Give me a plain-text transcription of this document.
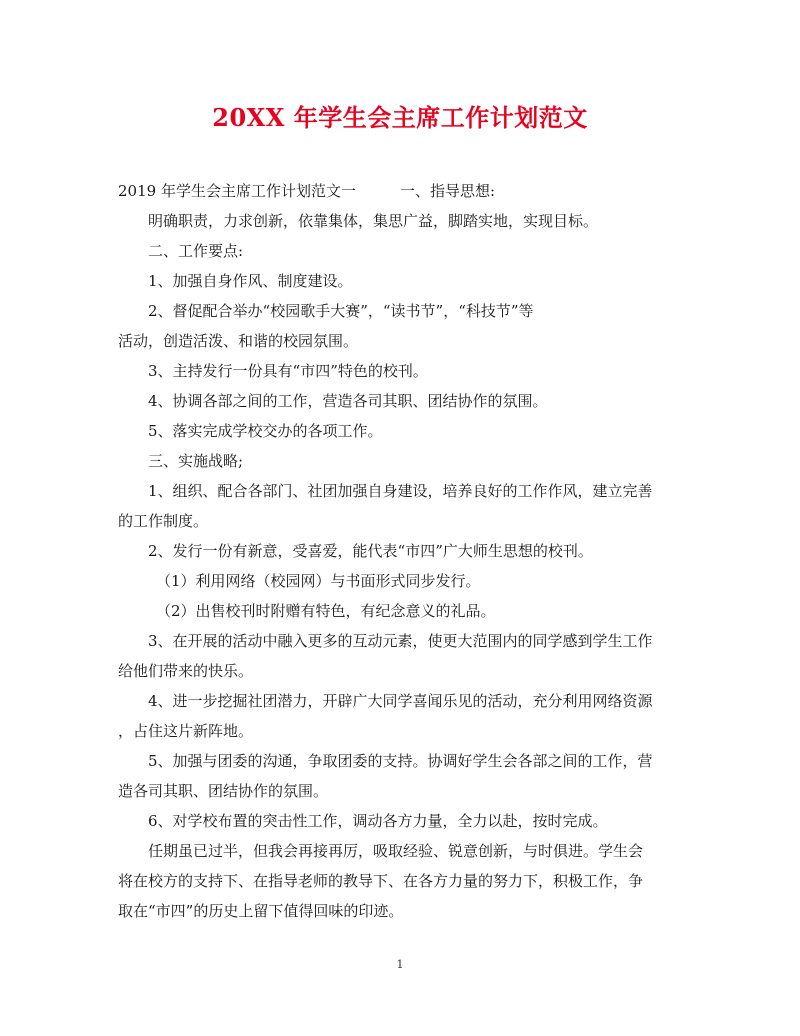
20XX 年学生会主席工作计划范文
2019 年学生会主席工作计划范文一	一、指导思想:
明确职责，力求创新，依靠集体，集思广益，脚踏实地，实现目标。
二、工作要点:
1、加强自身作风、制度建设。
2、督促配合举办“校园歌手大赛”，“读书节”，“科技节”等
活动，创造活泼、和谐的校园氛围。
3、主持发行一份具有“市四”特色的校刊。
4、协调各部之间的工作，营造各司其职、团结协作的氛围。
5、落实完成学校交办的各项工作。
三、实施战略;
1、组织、配合各部门、社团加强自身建设，培养良好的工作作风，建立完善
的工作制度。
2、发行一份有新意，受喜爱，能代表“市四”广大师生思想的校刊。
（1）利用网络（校园网）与书面形式同步发行。
（2）出售校刊时附赠有特色，有纪念意义的礼品。
3、在开展的活动中融入更多的互动元素，使更大范围内的同学感到学生工作
给他们带来的快乐。
4、进一步挖掘社团潜力，开辟广大同学喜闻乐见的活动，充分利用网络资源
，占住这片新阵地。
5、加强与团委的沟通，争取团委的支持。协调好学生会各部之间的工作，营
造各司其职、团结协作的氛围。
6、对学校布置的突击性工作，调动各方力量，全力以赴，按时完成。
任期虽已过半，但我会再接再厉，吸取经验、锐意创新，与时俱进。学生会
将在校方的支持下、在指导老师的教导下、在各方力量的努力下，积极工作，争
取在“市四”的历史上留下值得回味的印迹。
1
